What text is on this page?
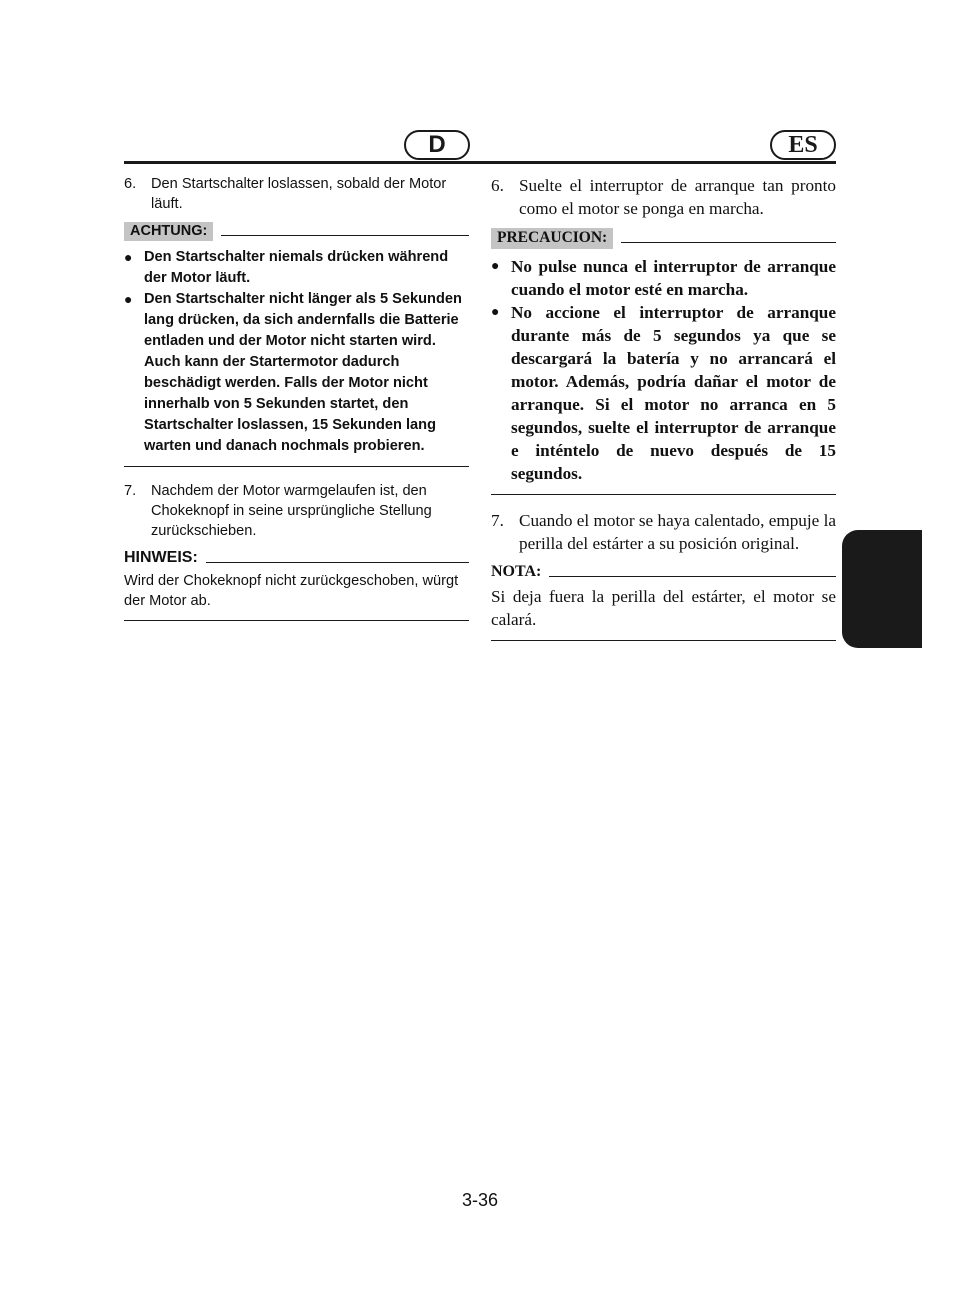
D	ES
6.	Den Startschalter loslassen, sobald der Motor läuft.
ACHTUNG:
● Den Startschalter niemals drücken während der Motor läuft.
● Den Startschalter nicht länger als 5 Sekunden lang drücken, da sich andernfalls die Batterie entladen und der Motor nicht starten wird. Auch kann der Startermotor dadurch beschädigt werden. Falls der Motor nicht innerhalb von 5 Sekunden startet, den Startschalter loslassen, 15 Sekunden lang warten und danach nochmals probieren.
7.	Nachdem der Motor warmgelaufen ist, den Chokeknopf in seine ursprüngliche Stellung zurückschieben.
HINWEIS:
Wird der Chokeknopf nicht zurückgeschoben, würgt der Motor ab.
6. Suelte el interruptor de arranque tan pronto como el motor se ponga en marcha.
PRECAUCION:
● No pulse nunca el interruptor de arranque cuando el motor esté en marcha.
● No accione el interruptor de arranque durante más de 5 segundos ya que se descargará la batería y no arrancará el motor. Además, podría dañar el motor de arranque. Si el motor no arranca en 5 segundos, suelte el interruptor de arranque e inténtelo de nuevo después de 15 segundos.
7. Cuando el motor se haya calentado, empuje la perilla del estárter a su posición original.
NOTA:
Si deja fuera la perilla del estárter, el motor se calará.
3-36
